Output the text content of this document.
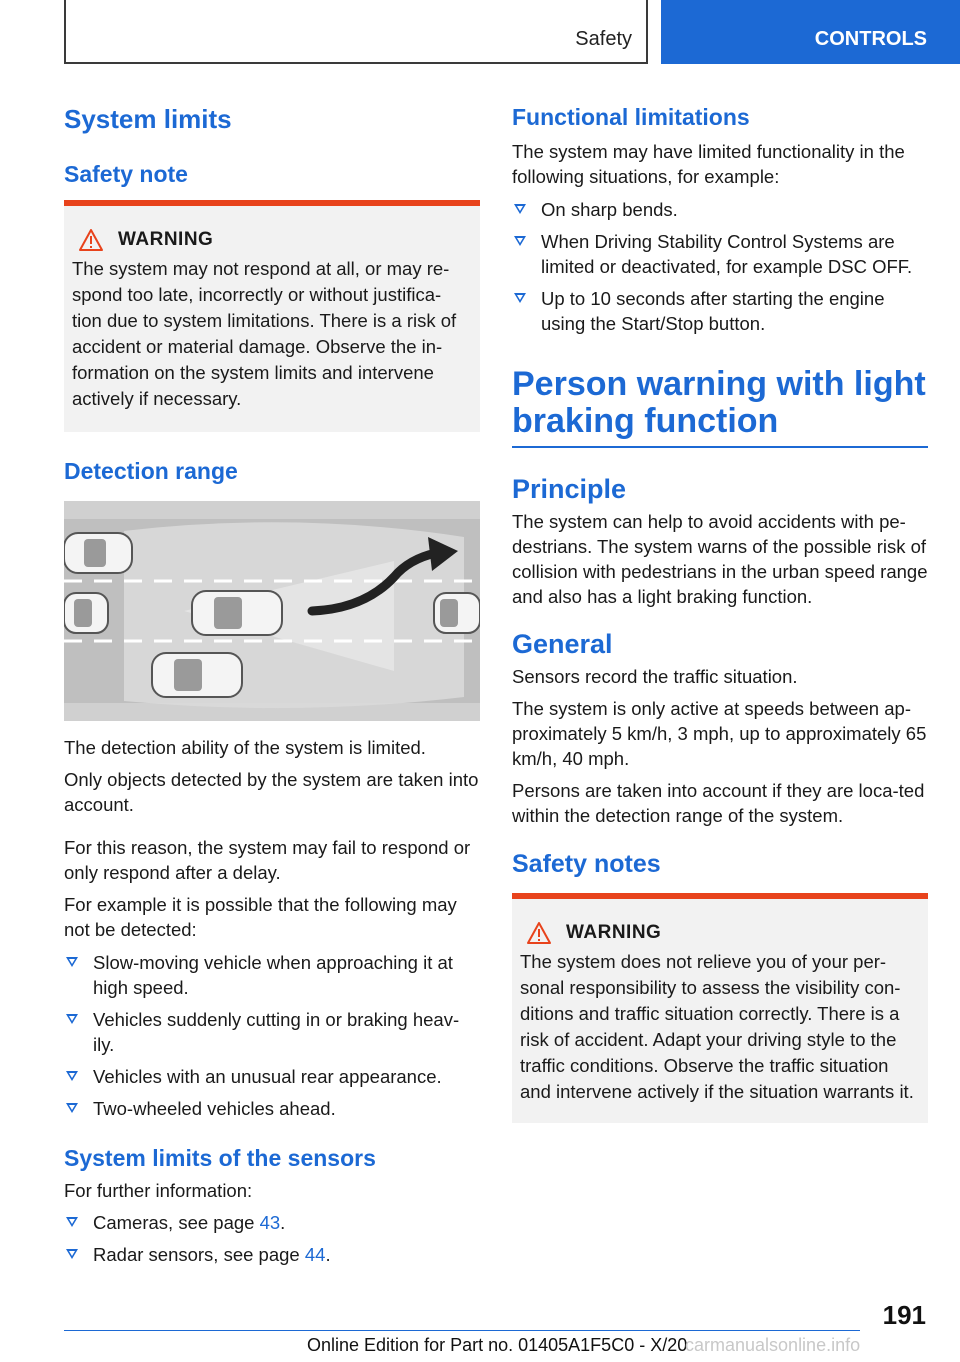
Safety	CONTROLS
System limits
Safety note
WARNING
The system may not respond at all, or may re-spond too late, incorrectly or without justifica-tion due to system limitations. There is a risk of accident or material damage. Observe the in-formation on the system limits and intervene actively if necessary.
Detection range

The detection ability of the system is limited.

Only objects detected by the system are taken into account.

For this reason, the system may fail to respond or only respond after a delay.

For example it is possible that the following may not be detected:

Slow-moving vehicle when approaching it at high speed.
Vehicles suddenly cutting in or braking heav-ily.
Vehicles with an unusual rear appearance.
Two-wheeled vehicles ahead.
System limits of the sensors

For further information:

Cameras, see page 43.
Radar sensors, see page 44.
Functional limitations

The system may have limited functionality in the following situations, for example:

On sharp bends.
When Driving Stability Control Systems are limited or deactivated, for example DSC OFF.
Up to 10 seconds after starting the engine using the Start/Stop button.
Person warning with light braking function
Principle

The system can help to avoid accidents with pe-destrians. The system warns of the possible risk of collision with pedestrians in the urban speed range and also has a light braking function.

General

Sensors record the traffic situation.

The system is only active at speeds between ap-proximately 5 km/h, 3 mph, up to approximately 65 km/h, 40 mph.

Persons are taken into account if they are loca-ted within the detection range of the system.

Safety notes
WARNING
The system does not relieve you of your per-sonal responsibility to assess the visibility con-ditions and traffic situation correctly. There is a risk of accident. Adapt your driving style to the traffic conditions. Observe the traffic situation and intervene actively if the situation warrants it.
191
Online Edition for Part no. 01405A1F5C0 - X/20
carmanualsonline.info
